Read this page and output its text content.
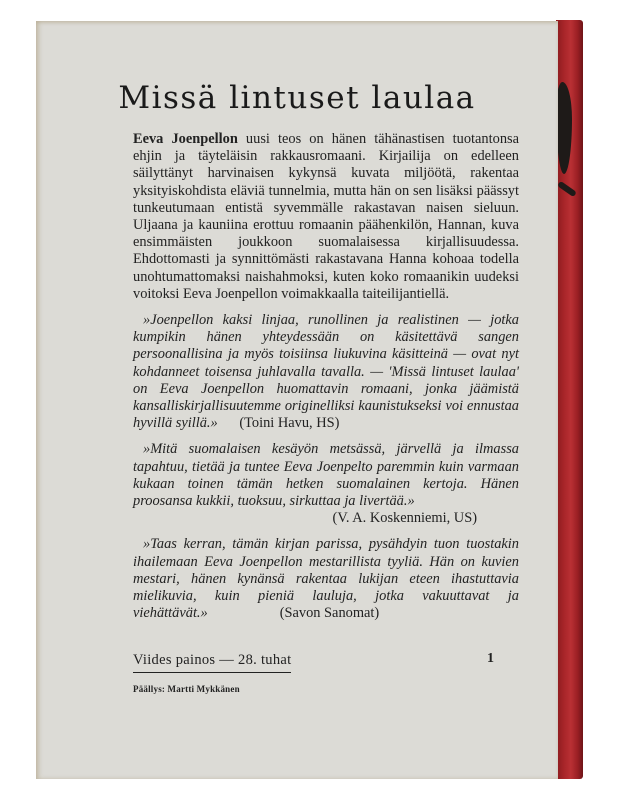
Missä lintuset laulaa

Eeva Joenpellon uusi teos on hänen tähänastisen tuotantonsa ehjin ja täyteläisin rakkausromaani. Kirjailija on edelleen säilyttänyt harvinaisen kykynsä kuvata miljöötä, rakentaa yksityiskohdista eläviä tunnelmia, mutta hän on sen lisäksi päässyt tunkeutumaan entistä syvemmälle rakastavan naisen sieluun. Uljaana ja kauniina erottuu romaanin päähenkilön, Hannan, kuva ensimmäisten joukkoon suomalaisessa kirjallisuudessa. Ehdottomasti ja synnittömästi rakastavana Hanna kohoaa todella unohtumattomaksi naishahmoksi, kuten koko romaanikin uudeksi voitoksi Eeva Joenpellon voimakkaalla taiteilijantiellä.

»Joenpellon kaksi linjaa, runollinen ja realistinen — jotka kumpikin hänen yhteydessään on käsitettävä sangen persoonallisina ja myös toisiinsa liukuvina käsitteinä — ovat nyt kohdanneet toisensa juhlavalla tavalla. — 'Missä lintuset laulaa' on Eeva Joenpellon huomattavin romaani, jonka jäämistä kansalliskirjallisuutemme originelliksi kaunistukseksi voi ennustaa hyvillä syillä.» (Toini Havu, HS)

»Mitä suomalaisen kesäyön metsässä, järvellä ja ilmassa tapahtuu, tietää ja tuntee Eeva Joenpelto paremmin kuin varmaan kukaan toinen tämän hetken suomalainen kertoja. Hänen proosansa kukkii, tuoksuu, sirkuttaa ja livertää.»
(V. A. Koskenniemi, US)

»Taas kerran, tämän kirjan parissa, pysähdyin tuon tuostakin ihailemaan Eeva Joenpellon mestarillista tyyliä. Hän on kuvien mestari, hänen kynänsä rakentaa lukijan eteen ihastuttavia mielikuvia, kuin pieniä lauluja, jotka vakuuttavat ja viehättävät.»	(Savon Sanomat)

Viides painos — 28. tuhat	1
Päällys: Martti Mykkänen
